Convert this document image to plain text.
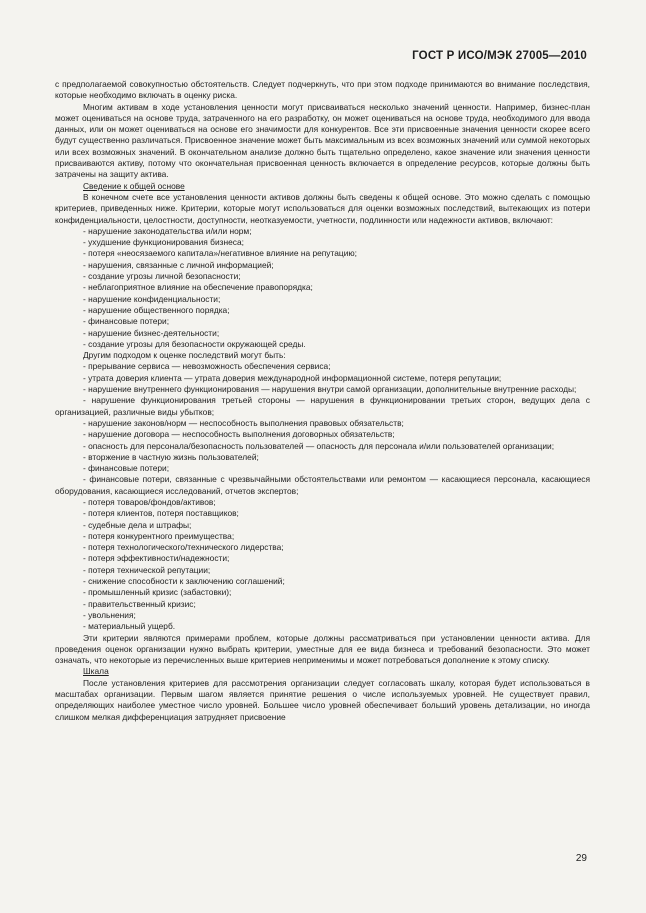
ГОСТ Р ИСО/МЭК 27005—2010

с предполагаемой совокупностью обстоятельств. Следует подчеркнуть, что при этом подходе принимаются во внимание последствия, которые необходимо включать в оценку риска.

Многим активам в ходе установления ценности могут присваиваться несколько значений ценности. Например, бизнес-план может оцениваться на основе труда, затраченного на его разработку, он может оцениваться на основе труда, необходимого для ввода данных, или он может оцениваться на основе его значимости для конкурентов. Все эти присвоенные значения ценности скорее всего будут существенно различаться. Присвоенное значение может быть максимальным из всех возможных значений или суммой некоторых или всех возможных значений. В окончательном анализе должно быть тщательно определено, какое значение или значения ценности присваиваются активу, потому что окончательная присвоенная ценность включается в определение ресурсов, которые должны быть затрачены на защиту актива.

Сведение к общей основе

В конечном счете все установления ценности активов должны быть сведены к общей основе. Это можно сделать с помощью критериев, приведенных ниже. Критерии, которые могут использоваться для оценки возможных последствий, вытекающих из потери конфиденциальности, целостности, доступности, неотказуемости, учетности, подлинности или надежности активов, включают:

- нарушение законодательства и/или норм;

- ухудшение функционирования бизнеса;

- потеря «неосязаемого капитала»/негативное влияние на репутацию;

- нарушения, связанные с личной информацией;

- создание угрозы личной безопасности;

- неблагоприятное влияние на обеспечение правопорядка;

- нарушение конфиденциальности;

- нарушение общественного порядка;

- финансовые потери;

- нарушение бизнес-деятельности;

- создание угрозы для безопасности окружающей среды.

Другим подходом к оценке последствий могут быть:

- прерывание сервиса — невозможность обеспечения сервиса;

- утрата доверия клиента — утрата доверия международной информационной системе, потеря репутации;

- нарушение внутреннего функционирования — нарушения внутри самой организации, дополнительные внутренние расходы;

- нарушение функционирования третьей стороны — нарушения в функционировании третьих сторон, ведущих дела с организацией, различные виды убытков;

- нарушение законов/норм — неспособность выполнения правовых обязательств;

- нарушение договора — неспособность выполнения договорных обязательств;

- опасность для персонала/безопасность пользователей — опасность для персонала и/или пользователей организации;

- вторжение в частную жизнь пользователей;

- финансовые потери;

- финансовые потери, связанные с чрезвычайными обстоятельствами или ремонтом — касающиеся персонала, касающиеся оборудования, касающиеся исследований, отчетов экспертов;

- потеря товаров/фондов/активов;

- потеря клиентов, потеря поставщиков;

- судебные дела и штрафы;

- потеря конкурентного преимущества;

- потеря технологического/технического лидерства;

- потеря эффективности/надежности;

- потеря технической репутации;

- снижение способности к заключению соглашений;

- промышленный кризис (забастовки);

- правительственный кризис;

- увольнения;

- материальный ущерб.

Эти критерии являются примерами проблем, которые должны рассматриваться при установлении ценности актива. Для проведения оценок организации нужно выбрать критерии, уместные для ее вида бизнеса и требований безопасности. Это может означать, что некоторые из перечисленных выше критериев неприменимы и может потребоваться дополнение к этому списку.

Шкала

После установления критериев для рассмотрения организации следует согласовать шкалу, которая будет использоваться в масштабах организации. Первым шагом является принятие решения о числе используемых уровней. Не существует правил, определяющих наиболее уместное число уровней. Большее число уровней обеспечивает больший уровень детализации, но иногда слишком мелкая дифференциация затрудняет присвоение

29
